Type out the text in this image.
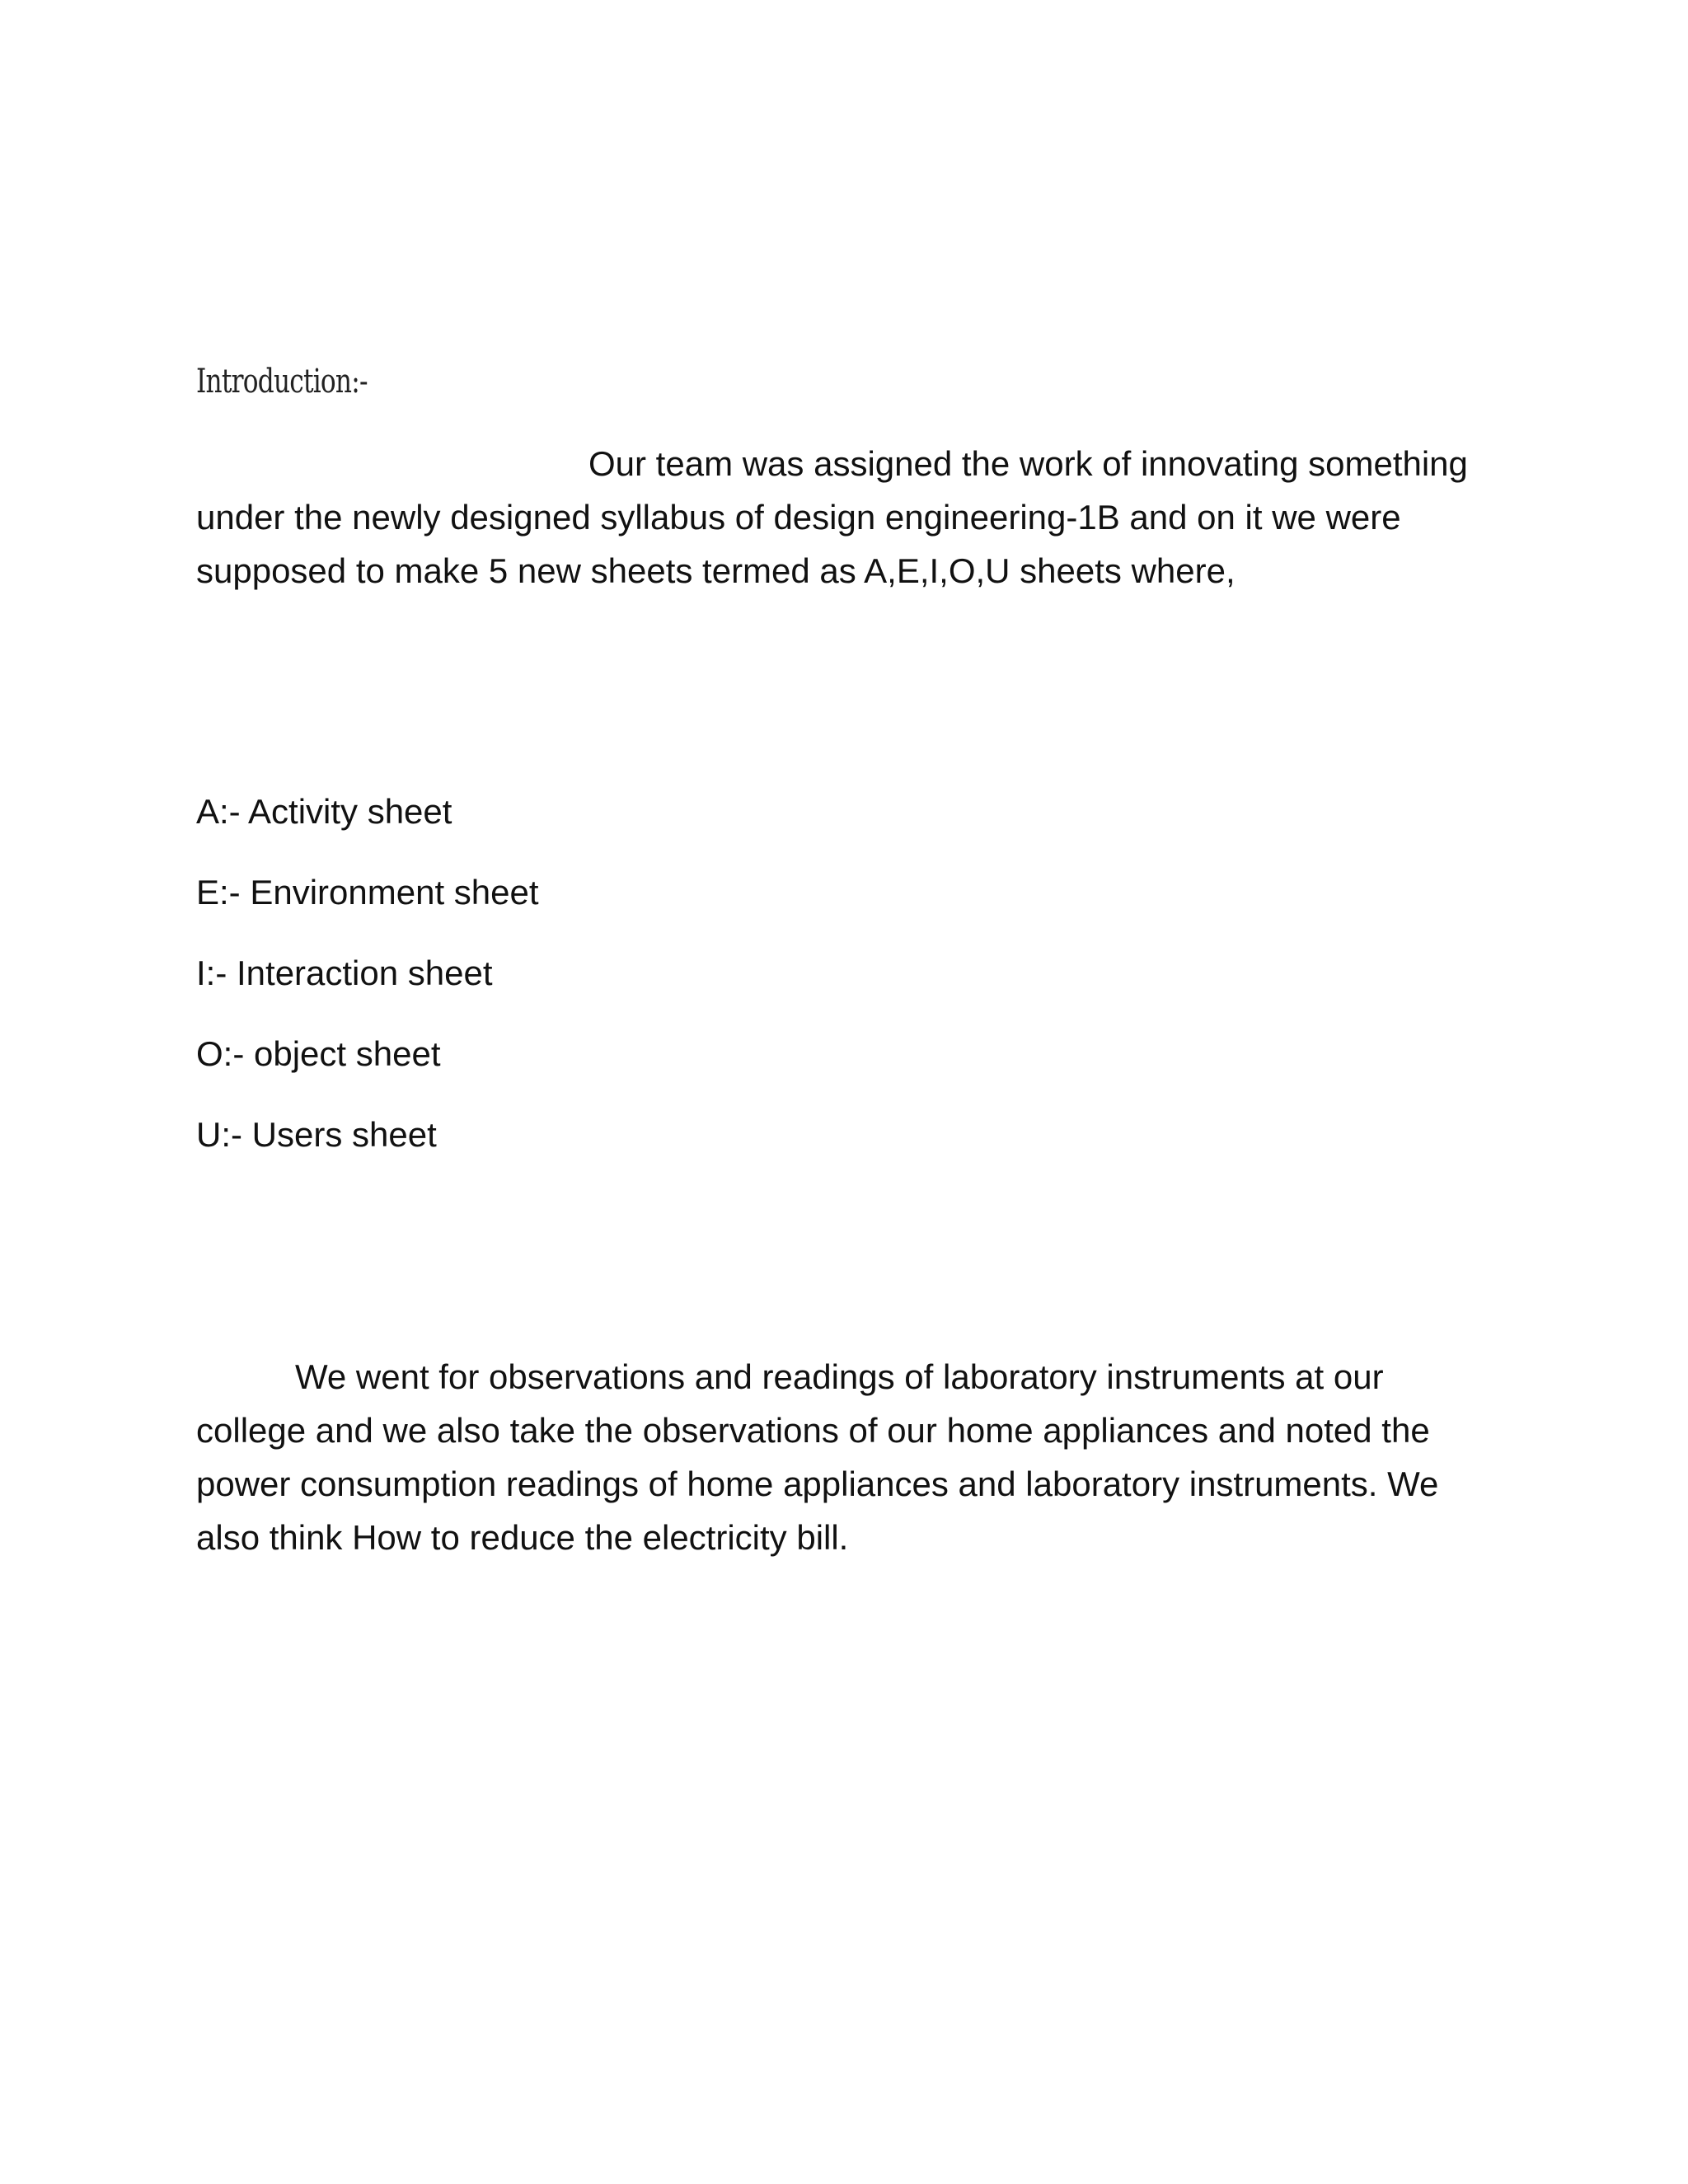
Introduction:-

Our team was assigned the work of innovating something
under the newly designed syllabus of design engineering-1B and on it we were
supposed to make 5 new sheets termed as A,E,I,O,U sheets where,

A:- Activity sheet
E:- Environment sheet
I:- Interaction sheet
O:- object sheet
U:- Users sheet

We went for observations and readings of laboratory instruments at our
college and we also take the observations of our home appliances and noted the
power consumption readings of home appliances and laboratory instruments. We
also think How to reduce the electricity bill.
